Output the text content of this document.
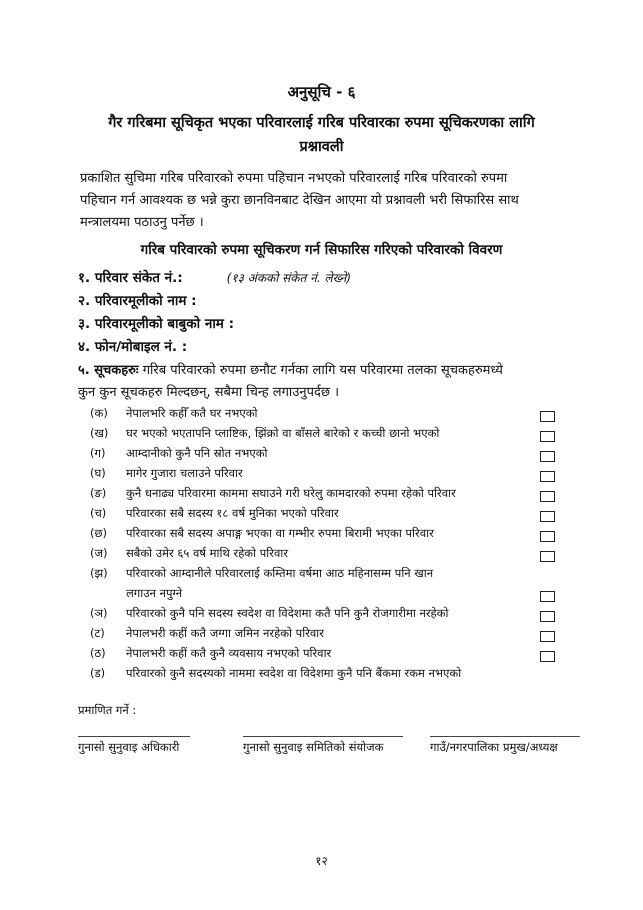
अनुसूचि - ६
गैर गरिबमा सूचिकृत भएका परिवारलाई गरिब परिवारका रुपमा सूचिकरणका लागि
प्रश्नावली
प्रकाशित सुचिमा गरिब परिवारको रुपमा पहिचान नभएको परिवारलाई गरिब परिवारको रुपमा
पहिचान गर्न आवश्यक छ भन्ने कुरा छानविनबाट देखिन आएमा यो प्रश्नावली भरी सिफारिस साथ
मन्त्रालयमा पठाउनु पर्नेछ ।
गरिब परिवारको रुपमा सूचिकरण गर्न सिफारिस गरिएको परिवारको विवरण
१. परिवार संकेत नं.:	(१३ अंकको संकेत नं. लेख्ने)
२. परिवारमूलीको नाम :
३. परिवारमूलीको बाबुको नाम :
४. फोन/मोबाइल नं. :
५. सूचकहरुः गरिब परिवारको रुपमा छनौट गर्नका लागि यस परिवारमा तलका सूचकहरुमध्ये
कुन कुन सूचकहरु मिल्दछन्, सबैमा चिन्ह लगाउनुपर्दछ ।
(क) नेपालभरि कहीँ कतै घर नभएको
(ख) घर भएको भएतापनि प्लाष्टिक, झिंक्रो वा बाँसले बारेको र कच्ची छानो भएको
(ग) आम्दानीको कुनै पनि स्रोत नभएको
(घ) मागेर गुजारा चलाउने परिवार
(ङ) कुनै धनाढ्य परिवारमा काममा सघाउने गरी घरेलु कामदारको रुपमा रहेको परिवार
(च) परिवारका सबै सदस्य १८ वर्ष मुनिका भएको परिवार
(छ) परिवारका सबै सदस्य अपाङ्ग भएका वा गम्भीर रुपमा बिरामी भएका परिवार
(ज) सबैको उमेर ६५ वर्ष माथि रहेको परिवार
(झ) परिवारको आम्दानीले परिवारलाई कम्तिमा वर्षमा आठ महिनासम्म पनि खान
लगाउन नपुग्ने
(ञ) परिवारको कुनै पनि सदस्य स्वदेश वा विदेशमा कतै पनि कुनै रोजगारीमा नरहेको
(ट) नेपालभरी कहीं कतै जग्गा जमिन नरहेको परिवार
(ठ) नेपालभरी कहीं कतै कुनै व्यवसाय नभएको परिवार
(ड) परिवारको कुनै सदस्यको नाममा स्वदेश वा विदेशमा कुनै पनि बैंकमा रकम नभएको
प्रमाणित गर्ने :
गुनासो सुनुवाइ अधिकारी	गुनासो सुनुवाइ समितिको संयोजक	गाउँ/नगरपालिका प्रमुख/अध्यक्ष
१२
